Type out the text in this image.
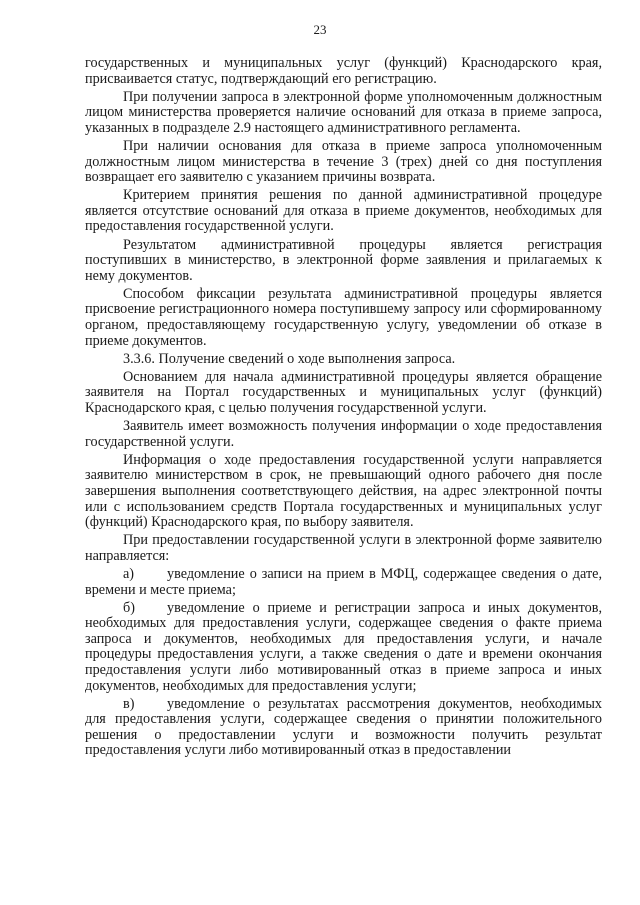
23

государственных и муниципальных услуг (функций) Краснодарского края, присваивается статус, подтверждающий его регистрацию.

При получении запроса в электронной форме уполномоченным должностным лицом министерства проверяется наличие оснований для отказа в приеме запроса, указанных в подразделе 2.9 настоящего административного регламента.

При наличии основания для отказа в приеме запроса уполномоченным должностным лицом министерства в течение 3 (трех) дней со дня поступления возвращает его заявителю с указанием причины возврата.

Критерием принятия решения по данной административной процедуре является отсутствие оснований для отказа в приеме документов, необходимых для предоставления государственной услуги.

Результатом административной процедуры является регистрация поступивших в министерство, в электронной форме заявления и прилагаемых к нему документов.

Способом фиксации результата административной процедуры является присвоение регистрационного номера поступившему запросу или сформированному органом, предоставляющему государственную услугу, уведомлении об отказе в приеме документов.

3.3.6. Получение сведений о ходе выполнения запроса.

Основанием для начала административной процедуры является обращение заявителя на Портал государственных и муниципальных услуг (функций) Краснодарского края, с целью получения государственной услуги.

Заявитель имеет возможность получения информации о ходе предоставления государственной услуги.

Информация о ходе предоставления государственной услуги направляется заявителю министерством в срок, не превышающий одного рабочего дня после завершения выполнения соответствующего действия, на адрес электронной почты или с использованием средств Портала государственных и муниципальных услуг (функций) Краснодарского края, по выбору заявителя.

При предоставлении государственной услуги в электронной форме заявителю направляется:

а) уведомление о записи на прием в МФЦ, содержащее сведения о дате, времени и месте приема;

б) уведомление о приеме и регистрации запроса и иных документов, необходимых для предоставления услуги, содержащее сведения о факте приема запроса и документов, необходимых для предоставления услуги, и начале процедуры предоставления услуги, а также сведения о дате и времени окончания предоставления услуги либо мотивированный отказ в приеме запроса и иных документов, необходимых для предоставления услуги;

в) уведомление о результатах рассмотрения документов, необходимых для предоставления услуги, содержащее сведения о принятии положительного решения о предоставлении услуги и возможности получить результат предоставления услуги либо мотивированный отказ в предоставлении
